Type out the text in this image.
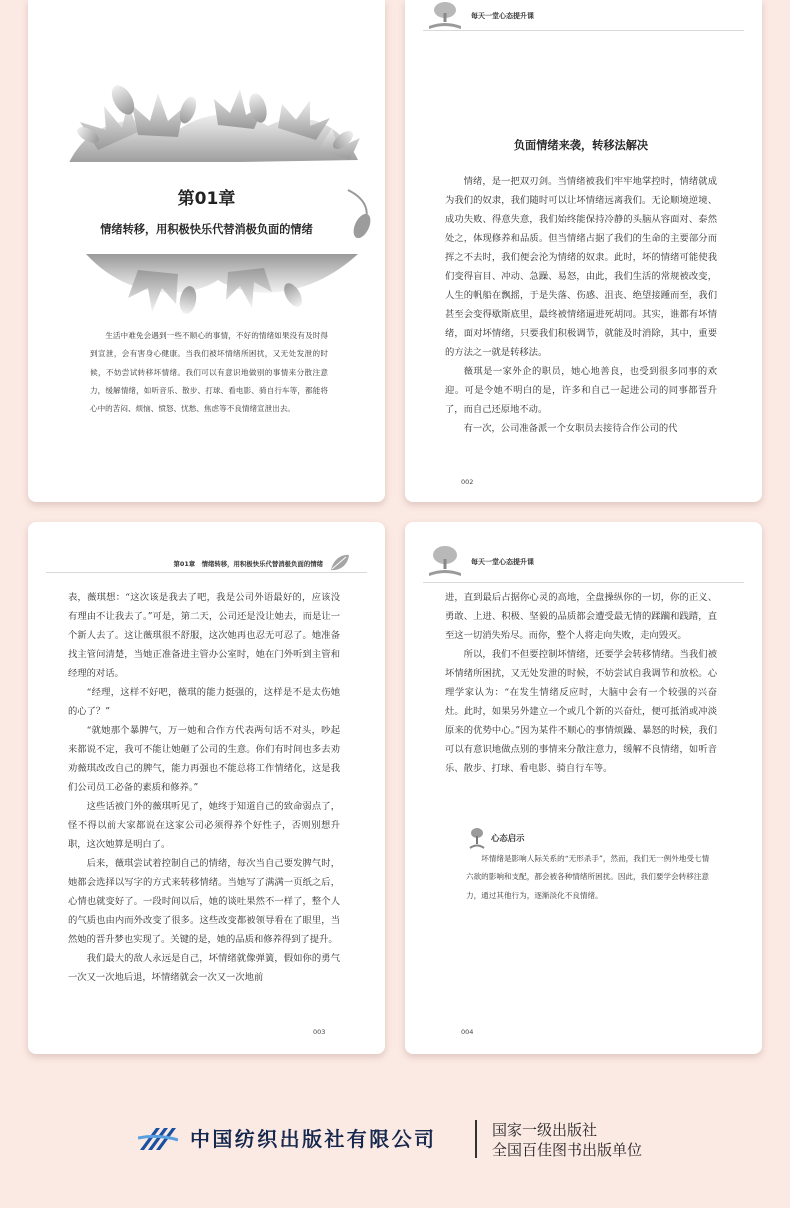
第01章
情绪转移，用积极快乐代替消极负面的情绪

生活中难免会遇到一些不顺心的事情，不好的情绪如果没有及时得到宣泄，会有害身心健康。当我们被坏情绪所困扰，又无处发泄的时候，不妨尝试转移坏情绪。我们可以有意识地做别的事情来分散注意力，缓解情绪，如听音乐、散步、打球、看电影、骑自行车等，都能将心中的苦闷、烦恼、愤怒、忧愁、焦虑等不良情绪宣泄出去。

每天一堂心态提升课
负面情绪来袭，转移法解决

情绪，是一把双刃剑。当情绪被我们牢牢地掌控时，情绪就成为我们的奴隶，我们随时可以让坏情绪远离我们。无论顺境逆境、成功失败、得意失意，我们始终能保持冷静的头脑从容面对、泰然处之，体现修养和品质。但当情绪占据了我们的生命的主要部分而挥之不去时，我们便会沦为情绪的奴隶。此时，坏的情绪可能使我们变得盲目、冲动、急躁、易怒，由此，我们生活的常规被改变，人生的帆船在飘摇，于是失落、伤感、沮丧、绝望接踵而至，我们甚至会变得歇斯底里，最终被情绪逼进死胡同。其实，谁都有坏情绪，面对坏情绪，只要我们积极调节，就能及时消除，其中，重要的方法之一就是转移法。

薇琪是一家外企的职员，她心地善良，也受到很多同事的欢迎。可是令她不明白的是，许多和自己一起进公司的同事都晋升了，而自己还原地不动。

有一次，公司准备派一个女职员去接待合作公司的代

002
第01章　情绪转移，用积极快乐代替消极负面的情绪

表，薇琪想：“这次该是我去了吧，我是公司外语最好的，应该没有理由不让我去了。”可是，第二天，公司还是没让她去，而是让一个新人去了。这让薇琪很不舒服，这次她再也忍无可忍了。她准备找主管问清楚，当她正准备进主管办公室时，她在门外听到主管和经理的对话。

“经理，这样不好吧，薇琪的能力挺强的，这样是不是太伤她的心了？”

“就她那个暴脾气，万一她和合作方代表两句话不对头，吵起来都说不定，我可不能让她砸了公司的生意。你们有时间也多去劝劝薇琪改改自己的脾气，能力再强也不能总将工作情绪化，这是我们公司员工必备的素质和修养。”

这些话被门外的薇琪听见了，她终于知道自己的致命弱点了，怪不得以前大家都说在这家公司必须得养个好性子，否则别想升职，这次她算是明白了。

后来，薇琪尝试着控制自己的情绪，每次当自己要发脾气时，她都会选择以写字的方式来转移情绪。当她写了满满一页纸之后，心情也就变好了。一段时间以后，她的谈吐果然不一样了，整个人的气质也由内而外改变了很多。这些改变都被领导看在了眼里，当然她的晋升梦也实现了。关键的是，她的品质和修养得到了提升。

我们最大的敌人永远是自己，坏情绪就像弹簧，假如你的勇气一次又一次地后退，坏情绪就会一次又一次地前

003
每天一堂心态提升课

进，直到最后占据你心灵的高地，全盘操纵你的一切，你的正义、勇敢、上进、积极、坚毅的品质都会遭受最无情的蹂躏和践踏，直至这一切消失殆尽。而你，整个人将走向失败，走向毁灭。

所以，我们不但要控制坏情绪，还要学会转移情绪。当我们被坏情绪所困扰，又无处发泄的时候，不妨尝试自我调节和放松。心理学家认为：“在发生情绪反应时，大脑中会有一个较强的兴奋灶。此时，如果另外建立一个或几个新的兴奋灶，便可抵消或冲淡原来的优势中心。”因为某件不顺心的事情烦躁、暴怒的时候，我们可以有意识地做点别的事情来分散注意力，缓解不良情绪，如听音乐、散步、打球、看电影、骑自行车等。

004
心态启示

坏情绪是影响人际关系的“无形杀手”，然而，我们无一例外地受七情六欲的影响和支配，都会被各种情绪所困扰。因此，我们要学会转移注意力，通过其他行为，逐渐淡化不良情绪。

中国纺织出版社有限公司	国家一级出版社
全国百佳图书出版单位
